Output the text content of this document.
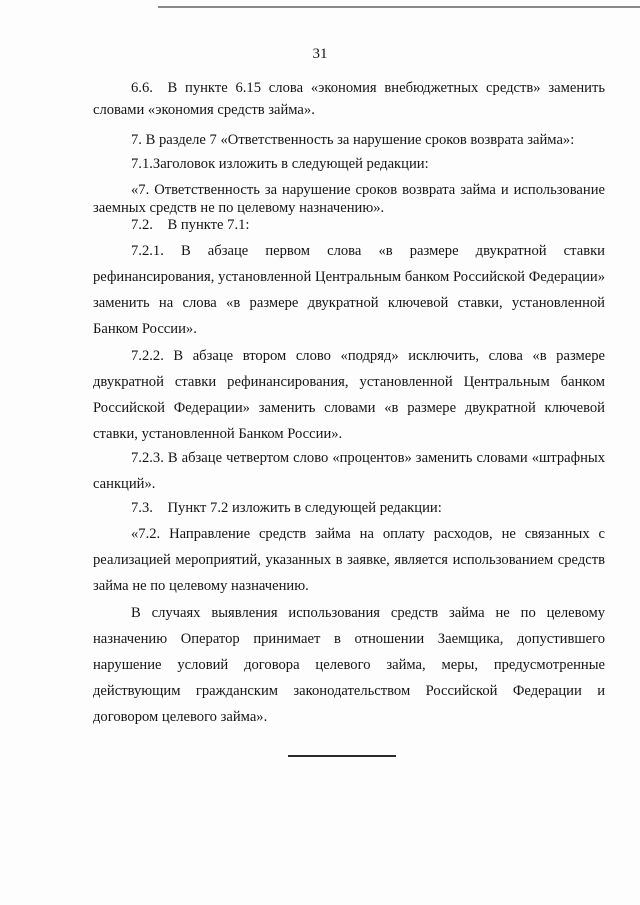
31
6.6. В пункте 6.15 слова «экономия внебюджетных средств» заменить словами «экономия средств займа».
7. В разделе 7 «Ответственность за нарушение сроков возврата займа»:
7.1.Заголовок изложить в следующей редакции:
«7. Ответственность за нарушение сроков возврата займа и использование заемных средств не по целевому назначению».
7.2. В пункте 7.1:
7.2.1. В абзаце первом слова «в размере двукратной ставки рефинансирования, установленной Центральным банком Российской Федерации» заменить на слова «в размере двукратной ключевой ставки, установленной Банком России».
7.2.2. В абзаце втором слово «подряд» исключить, слова «в размере двукратной ставки рефинансирования, установленной Центральным банком Российской Федерации» заменить словами «в размере двукратной ключевой ставки, установленной Банком России».
7.2.3. В абзаце четвертом слово «процентов» заменить словами «штрафных санкций».
7.3. Пункт 7.2 изложить в следующей редакции:
«7.2. Направление средств займа на оплату расходов, не связанных с реализацией мероприятий, указанных в заявке, является использованием средств займа не по целевому назначению.
В случаях выявления использования средств займа не по целевому назначению Оператор принимает в отношении Заемщика, допустившего нарушение условий договора целевого займа, меры, предусмотренные действующим гражданским законодательством Российской Федерации и договором целевого займа».
